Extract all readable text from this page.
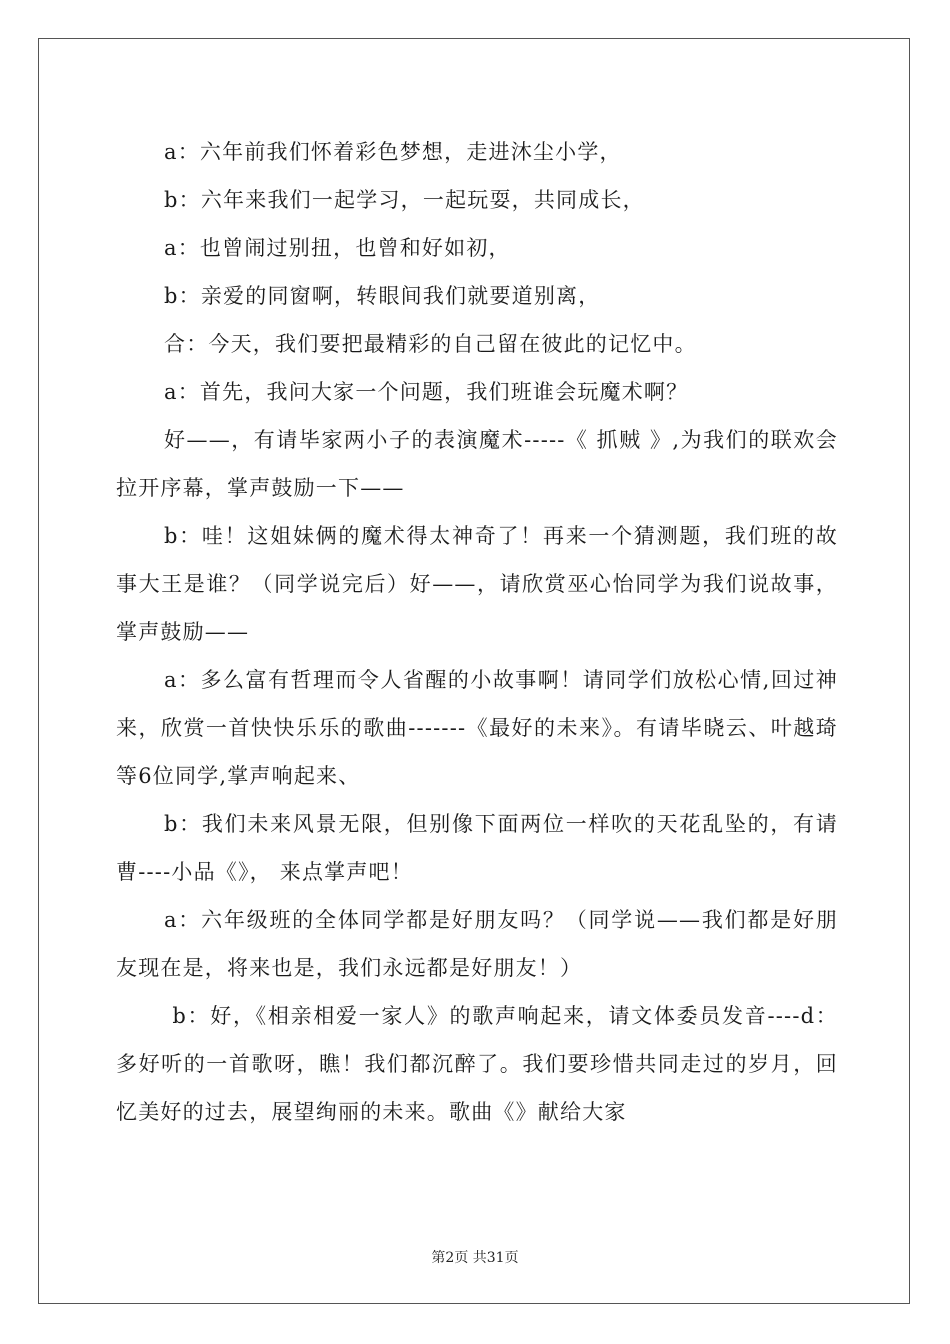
a：六年前我们怀着彩色梦想，走进沐尘小学，

b：六年来我们一起学习，一起玩耍，共同成长，

a：也曾闹过别扭，也曾和好如初，

b：亲爱的同窗啊，转眼间我们就要道别离，

合：今天，我们要把最精彩的自己留在彼此的记忆中。

a：首先，我问大家一个问题，我们班谁会玩魔术啊？

好——，有请毕家两小子的表演魔术-----《 抓贼 》,为我们的联欢会拉开序幕，掌声鼓励一下——

b：哇！这姐妹俩的魔术得太神奇了！再来一个猜测题，我们班的故事大王是谁？（同学说完后）好——，请欣赏巫心怡同学为我们说故事，掌声鼓励——

a：多么富有哲理而令人省醒的小故事啊！请同学们放松心情,回过神来，欣赏一首快快乐乐的歌曲-------《最好的未来》。有请毕晓云、叶越琦等6位同学,掌声响起来、

b：我们未来风景无限，但别像下面两位一样吹的天花乱坠的，有请曹----小品《》， 来点掌声吧！

a：六年级班的全体同学都是好朋友吗？（同学说——我们都是好朋友现在是，将来也是，我们永远都是好朋友！）

b：好，《相亲相爱一家人》的歌声响起来，请文体委员发音----d：多好听的一首歌呀，瞧！我们都沉醉了。我们要珍惜共同走过的岁月，回忆美好的过去，展望绚丽的未来。歌曲《》献给大家

第2页 共31页
